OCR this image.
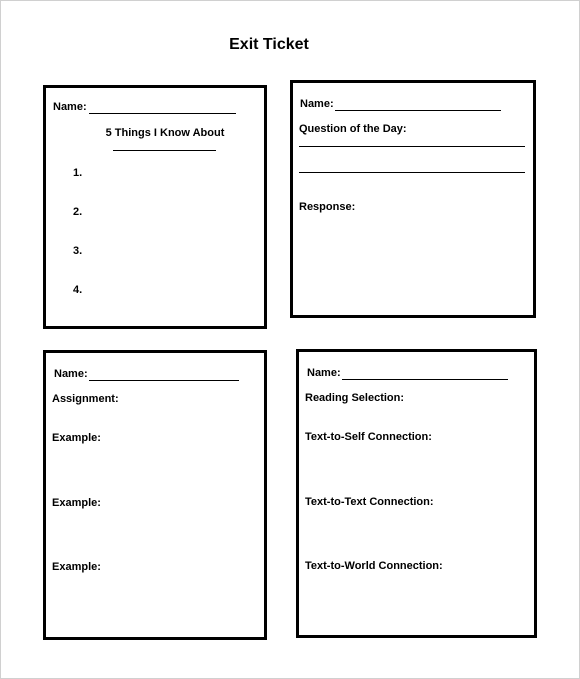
Exit Ticket
Name:
5 Things I Know About
1.
2.
3.
4.
Name:
Question of the Day:
Response:
Name:
Assignment:
Example:
Example:
Example:
Name:
Reading Selection:
Text-to-Self Connection:
Text-to-Text Connection:
Text-to-World Connection:
